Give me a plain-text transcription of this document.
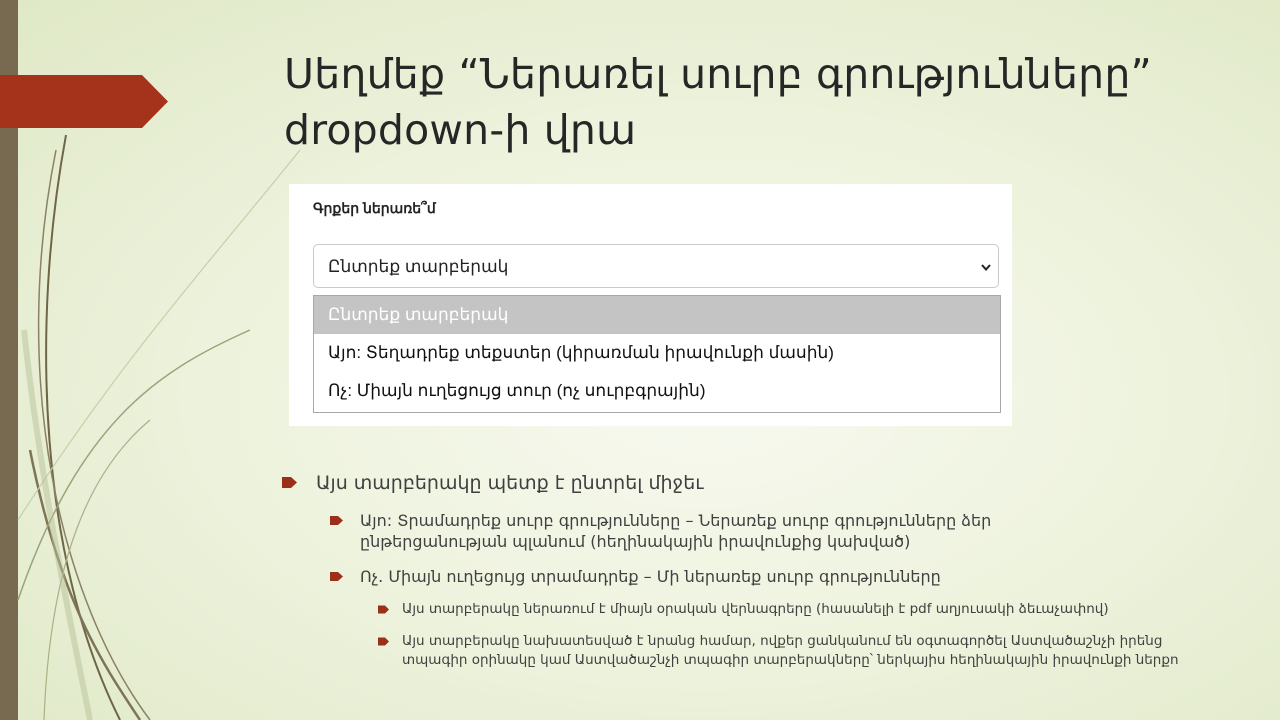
Սեղմեք “Ներառել սուրբ գրությունները”
dropdown-ի վրա
Գրքեր ներառե՞մ
Ընտրեք տարբերակ
Ընտրեք տարբերակ
Այո: Տեղադրեք տեքստեր (կիրառման իրավունքի մասին)
Ոչ: Միայն ուղեցույց տուր (ոչ սուրբգրային)
Այս տարբերակը պետք է ընտրել միջեւ
Այո: Տրամադրեք սուրբ գրությունները – Ներառեք սուրբ գրությունները ձեր ընթերցանության պլանում (հեղինակային իրավունքից կախված)
Ոչ. Միայն ուղեցույց տրամադրեք – Մի ներառեք սուրբ գրությունները
Այս տարբերակը ներառում է միայն օրական վերնագրերը (հասանելի է pdf աղյուսակի ձեւաչափով)
Այս տարբերակը նախատեսված է նրանց համար, ովքեր ցանկանում են օգտագործել Աստվածաշնչի իրենց տպագիր օրինակը կամ Աստվածաշնչի տպագիր տարբերակները՝ ներկայիս հեղինակային իրավունքի ներքո
